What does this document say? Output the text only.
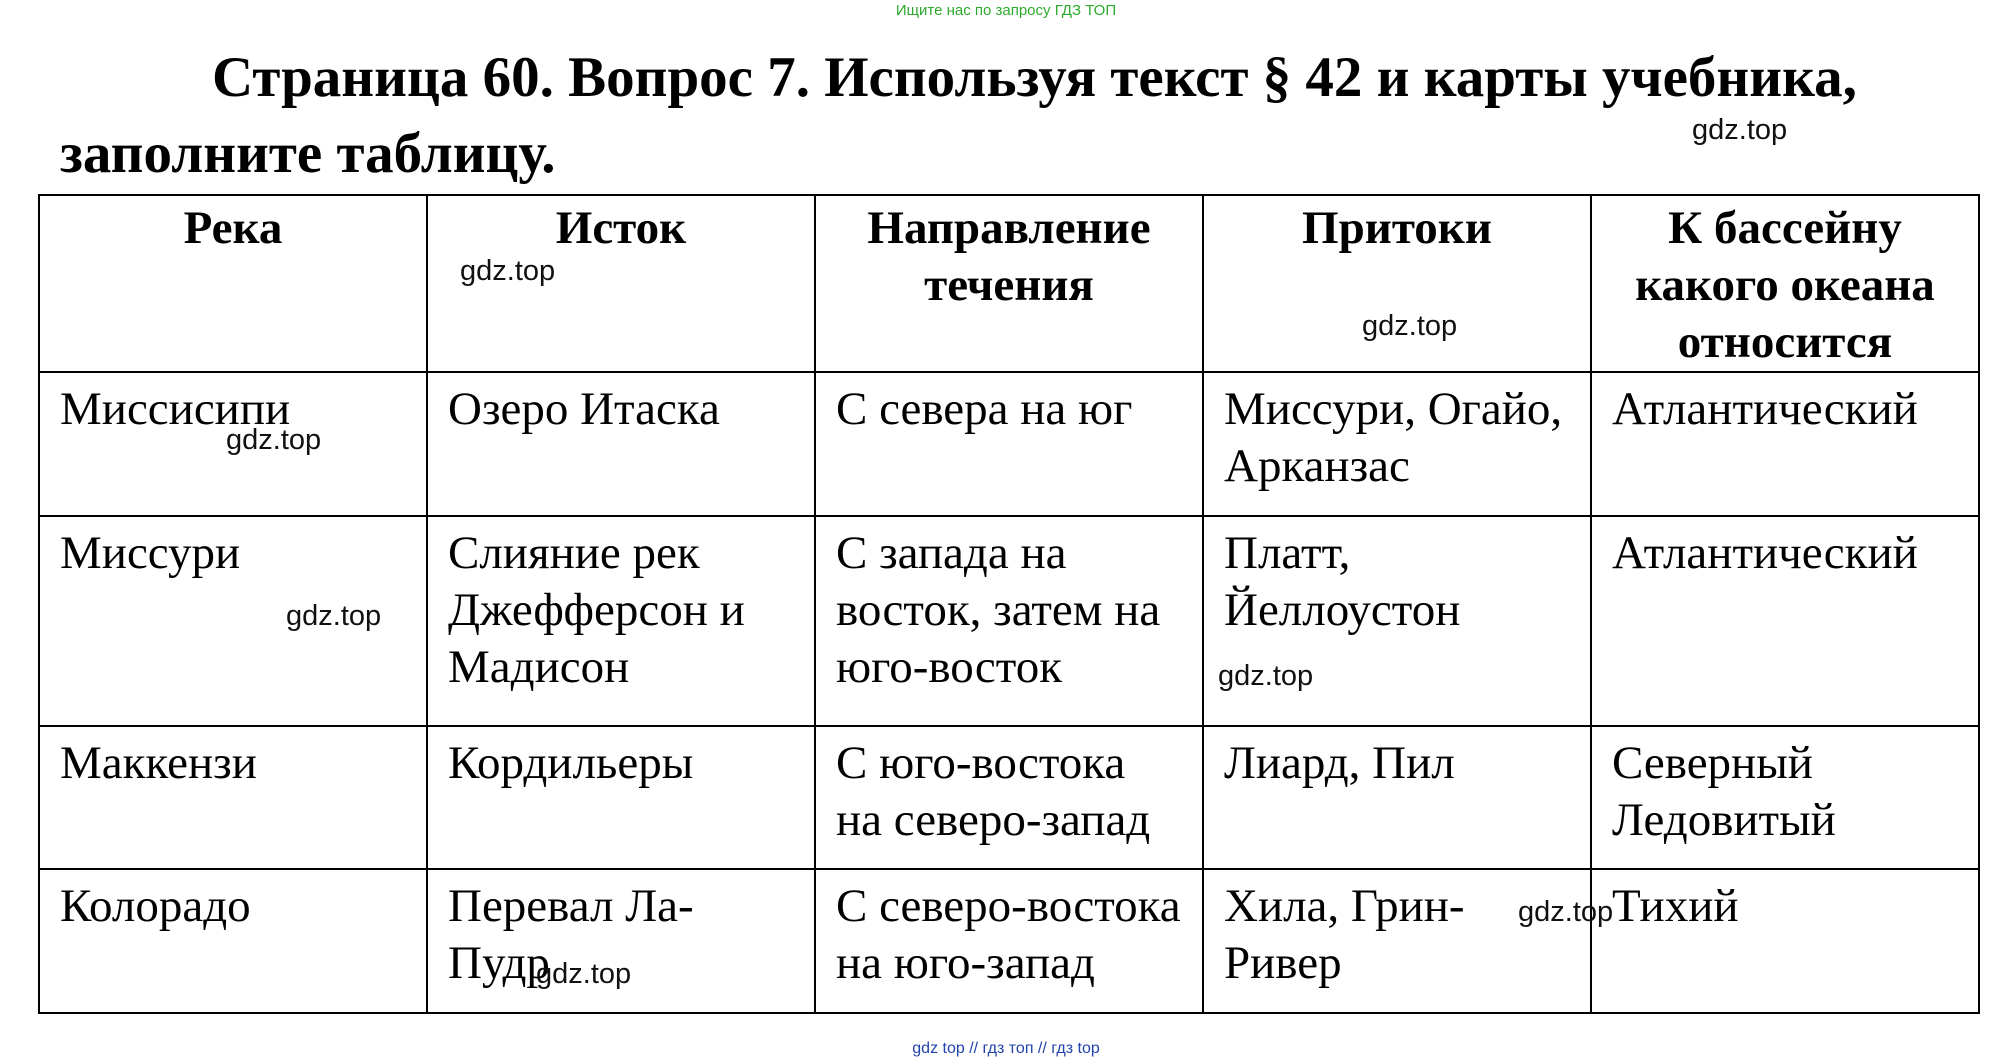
Ищите нас по запросу ГДЗ ТОП
Страница 60. Вопрос 7. Используя текст § 42 и карты учебника,
заполните таблицу.
Река	Исток	Направление течения	Притоки	К бассейну какого океана относится
Миссисипи	Озеро Итаска	С севера на юг	Миссури, Огайо, Арканзас	Атлантический
Миссури	Слияние рек Джефферсон и Мадисон	С запада на восток, затем на юго-восток	Платт, Йеллоустон	Атлантический
Маккензи	Кордильеры	С юго-востока на северо-запад	Лиард, Пил	Северный Ледовитый
Колорадо	Перевал Ла-Пудр	С северо-востока на юго-запад	Хила, Грин-Ривер	Тихий
gdz.top
gdz.top
gdz.top
gdz.top
gdz.top
gdz.top
gdz.top
gdz.top
gdz top // гдз топ // гдз top
